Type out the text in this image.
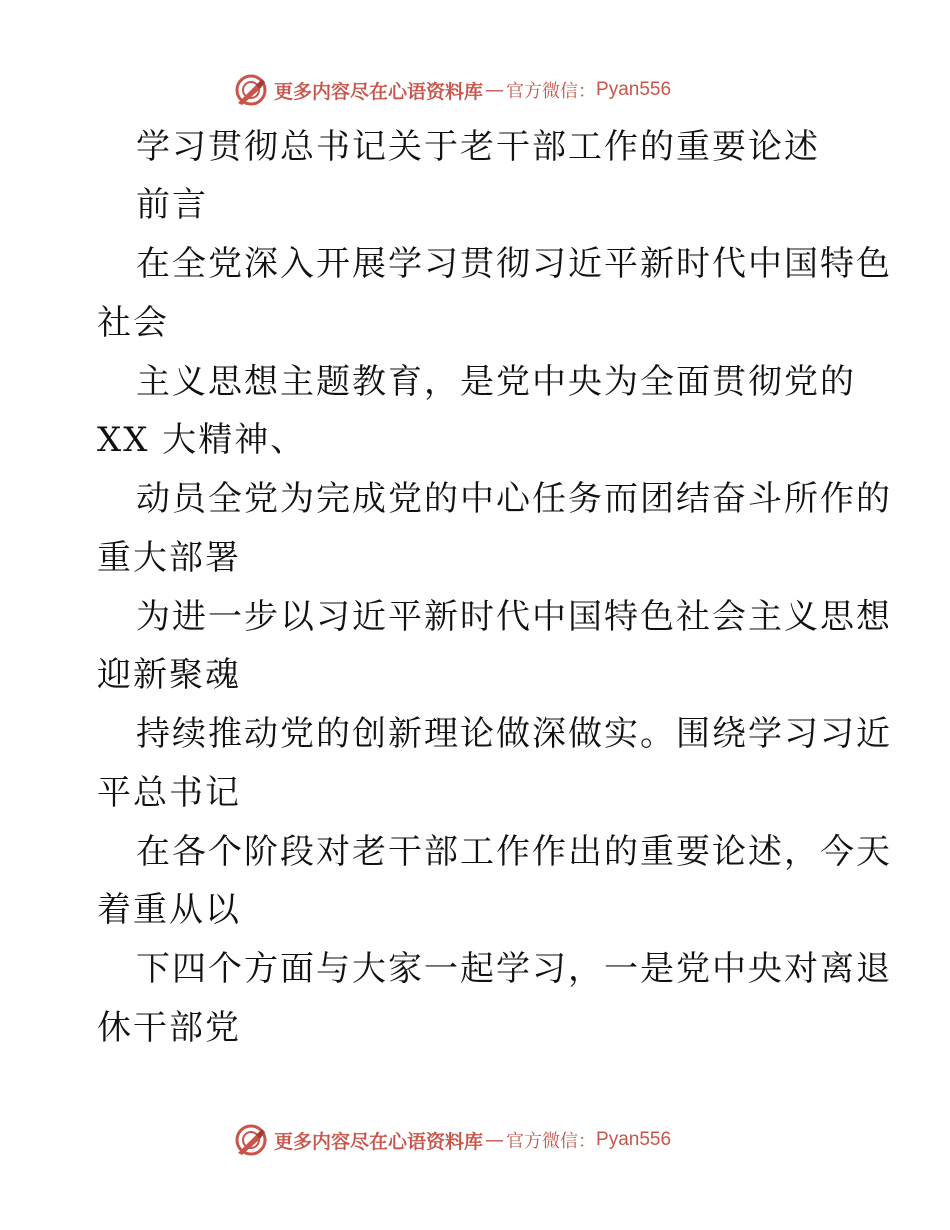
更多内容尽在心语资料库 — 官方微信： Pyan556
学习贯彻总书记关于老干部工作的重要论述
前言
在全党深入开展学习贯彻习近平新时代中国特色
社会
主义思想主题教育，是党中央为全面贯彻党的
XX 大精神、
动员全党为完成党的中心任务而团结奋斗所作的
重大部署
为进一步以习近平新时代中国特色社会主义思想
迎新聚魂
持续推动党的创新理论做深做实。围绕学习习近
平总书记
在各个阶段对老干部工作作出的重要论述，今天
着重从以
下四个方面与大家一起学习，一是党中央对离退
休干部党
更多内容尽在心语资料库 — 官方微信： Pyan556
